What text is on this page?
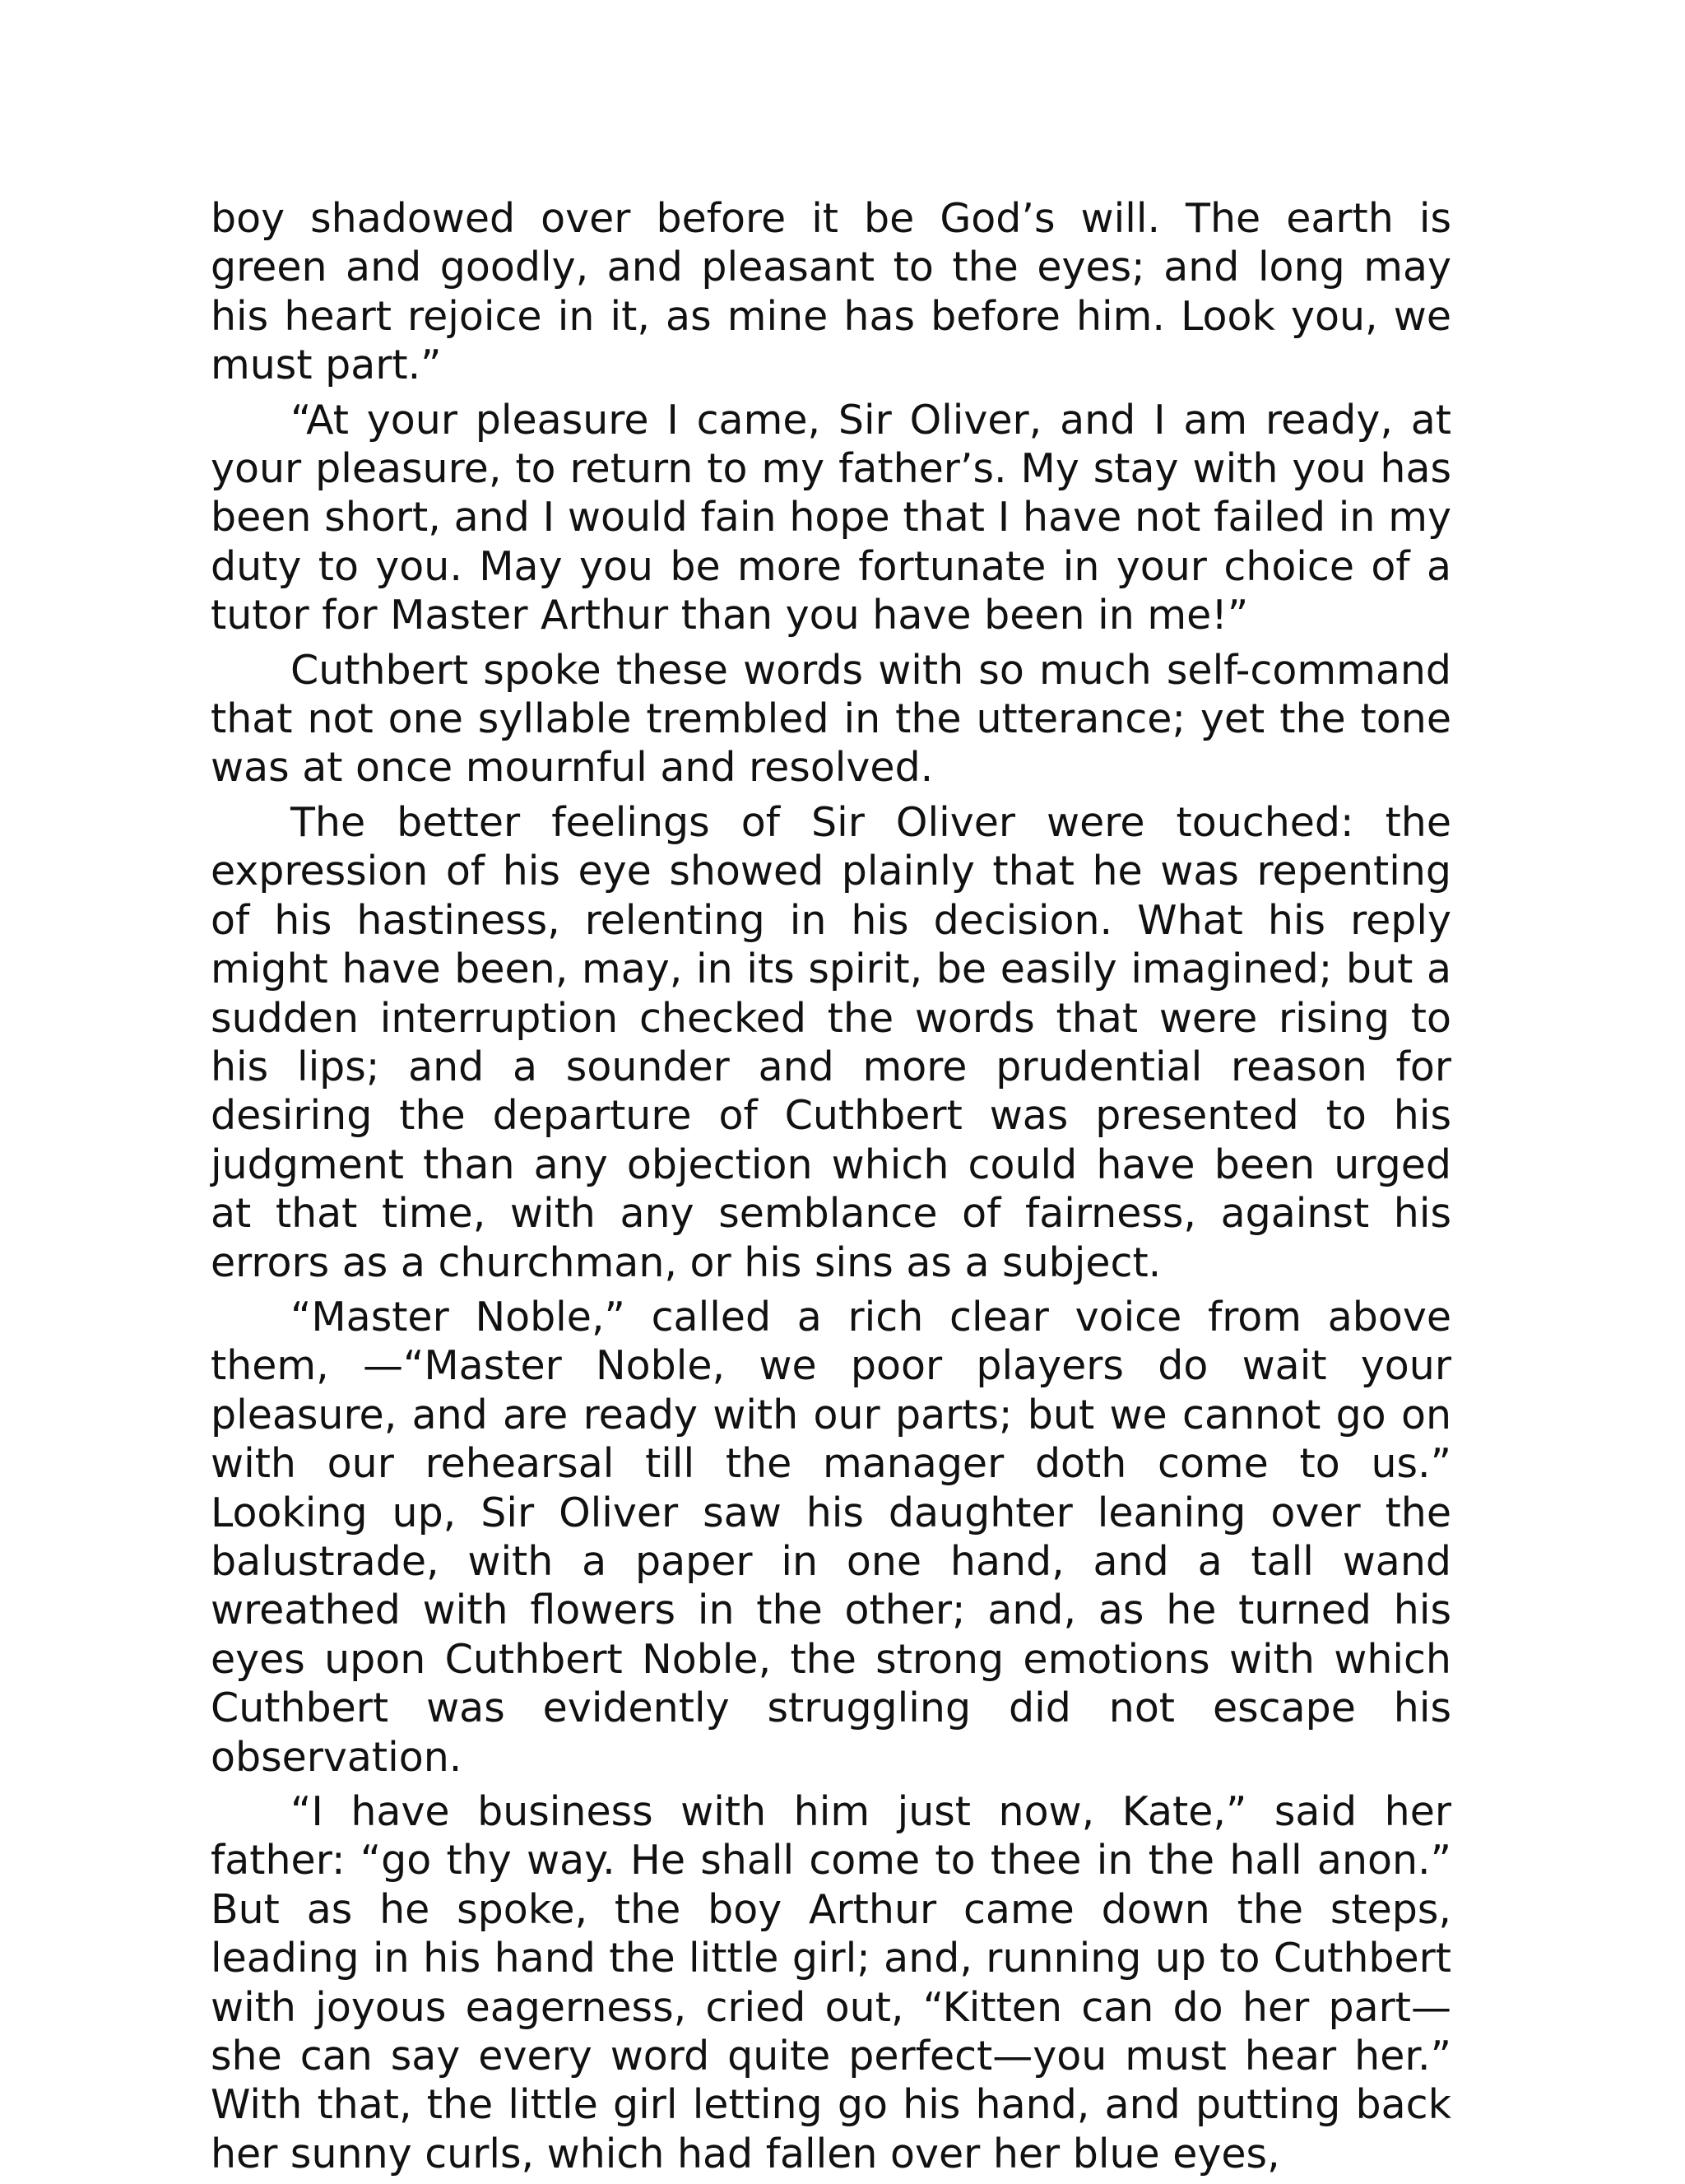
boy shadowed over before it be God’s will. The earth is green and goodly, and pleasant to the eyes; and long may his heart rejoice in it, as mine has before him. Look you, we must part.”

“At your pleasure I came, Sir Oliver, and I am ready, at your pleasure, to return to my father’s. My stay with you has been short, and I would fain hope that I have not failed in my duty to you. May you be more fortunate in your choice of a tutor for Master Arthur than you have been in me!”

Cuthbert spoke these words with so much self-command that not one syllable trembled in the utterance; yet the tone was at once mournful and resolved.

The better feelings of Sir Oliver were touched: the expression of his eye showed plainly that he was repenting of his hastiness, relenting in his decision. What his reply might have been, may, in its spirit, be easily imagined; but a sudden interruption checked the words that were rising to his lips; and a sounder and more prudential reason for desiring the departure of Cuthbert was presented to his judgment than any objection which could have been urged at that time, with any semblance of fairness, against his errors as a churchman, or his sins as a subject.

“Master Noble,” called a rich clear voice from above them, —“Master Noble, we poor players do wait your pleasure, and are ready with our parts; but we cannot go on with our rehearsal till the manager doth come to us.” Looking up, Sir Oliver saw his daughter leaning over the balustrade, with a paper in one hand, and a tall wand wreathed with flowers in the other; and, as he turned his eyes upon Cuthbert Noble, the strong emotions with which Cuthbert was evidently struggling did not escape his observation.

“I have business with him just now, Kate,” said her father: “go thy way. He shall come to thee in the hall anon.” But as he spoke, the boy Arthur came down the steps, leading in his hand the little girl; and, running up to Cuthbert with joyous eagerness, cried out, “Kitten can do her part—she can say every word quite perfect—you must hear her.” With that, the little girl letting go his hand, and putting back her sunny curls, which had fallen over her blue eyes,
